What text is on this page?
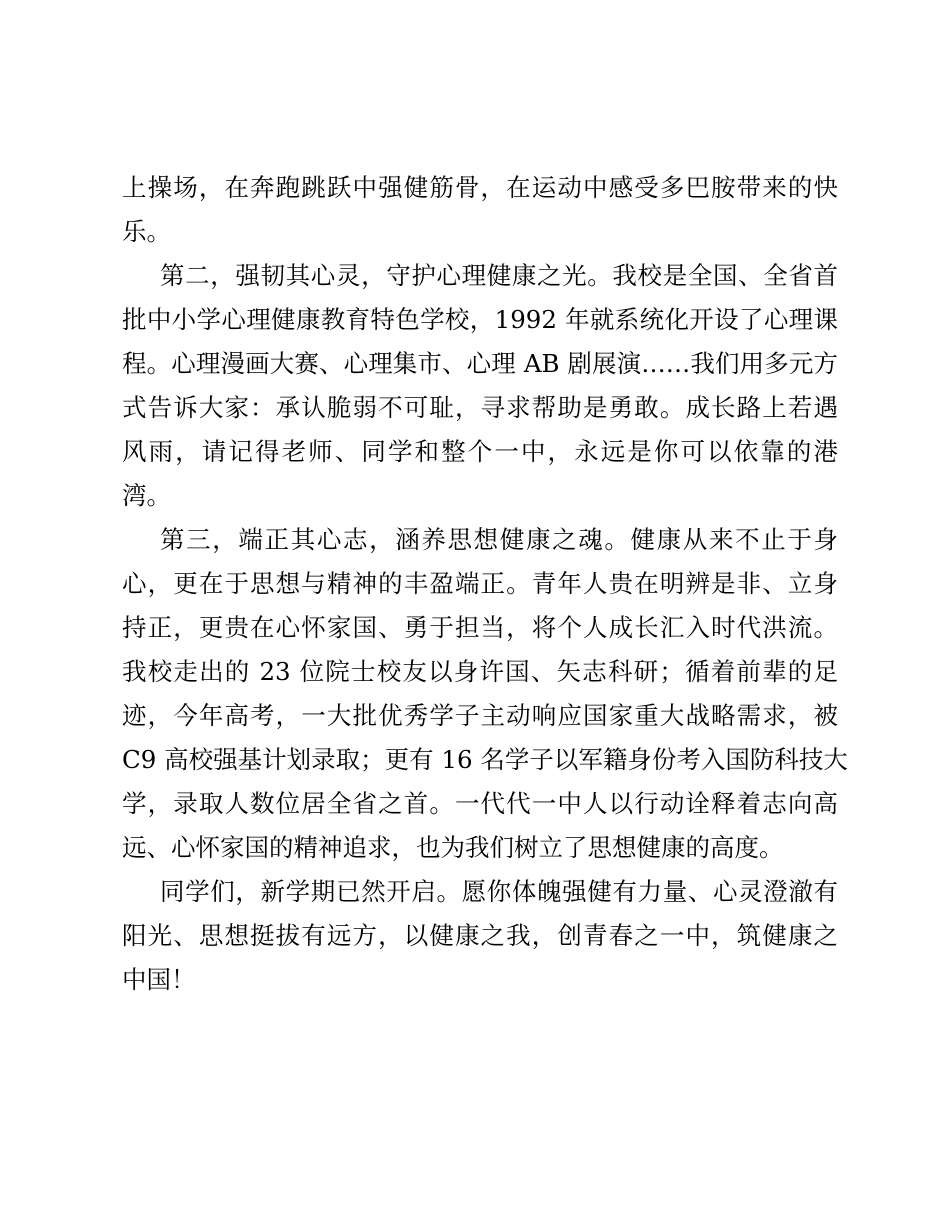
上操场，在奔跑跳跃中强健筋骨，在运动中感受多巴胺带来的快
乐。
第二，强韧其心灵，守护心理健康之光。我校是全国、全省首
批中小学心理健康教育特色学校，1992 年就系统化开设了心理课
程。心理漫画大赛、心理集市、心理 AB 剧展演……我们用多元方
式告诉大家：承认脆弱不可耻，寻求帮助是勇敢。成长路上若遇
风雨，请记得老师、同学和整个一中，永远是你可以依靠的港
湾。
第三，端正其心志，涵养思想健康之魂。健康从来不止于身
心，更在于思想与精神的丰盈端正。青年人贵在明辨是非、立身
持正，更贵在心怀家国、勇于担当，将个人成长汇入时代洪流。
我校走出的 23 位院士校友以身许国、矢志科研；循着前辈的足
迹，今年高考，一大批优秀学子主动响应国家重大战略需求，被
C9 高校强基计划录取；更有 16 名学子以军籍身份考入国防科技大
学，录取人数位居全省之首。一代代一中人以行动诠释着志向高
远、心怀家国的精神追求，也为我们树立了思想健康的高度。
同学们，新学期已然开启。愿你体魄强健有力量、心灵澄澈有
阳光、思想挺拔有远方，以健康之我，创青春之一中，筑健康之
中国！
